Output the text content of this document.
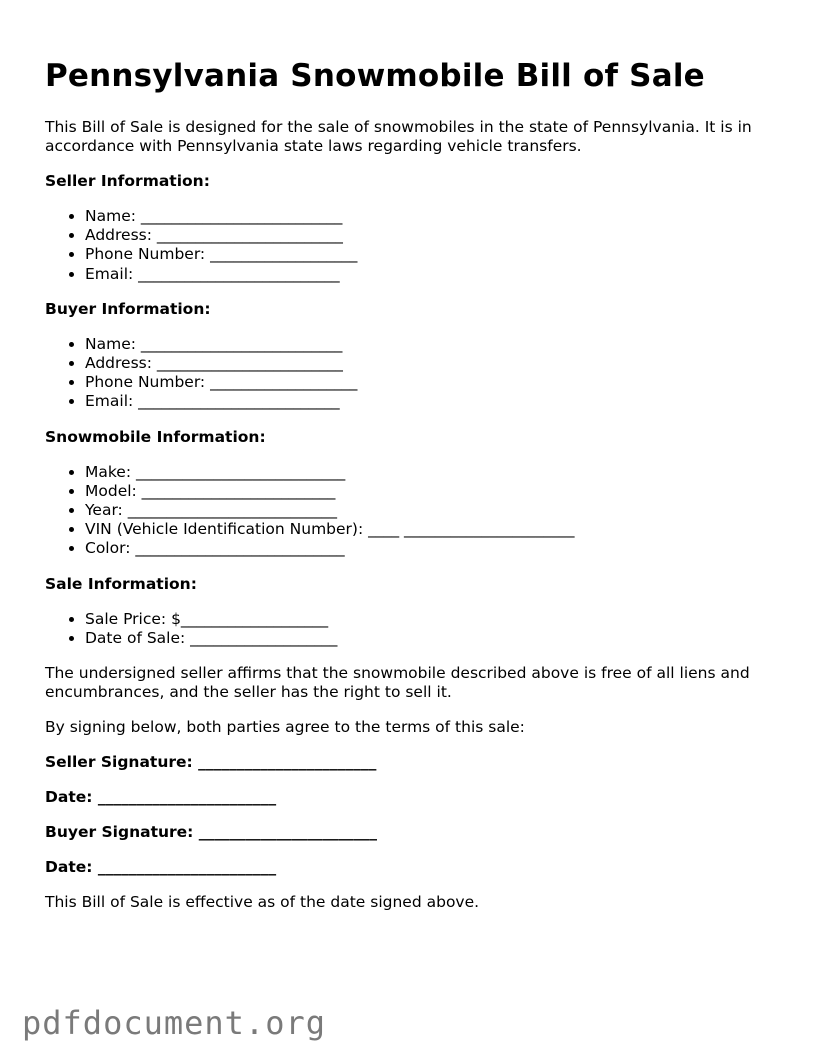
Pennsylvania Snowmobile Bill of Sale

This Bill of Sale is designed for the sale of snowmobiles in the state of Pennsylvania. It is in accordance with Pennsylvania state laws regarding vehicle transfers.

Seller Information:
• Name: __________________________
• Address: ________________________
• Phone Number: ___________________
• Email: __________________________
Buyer Information:
• Name: __________________________
• Address: ________________________
• Phone Number: ___________________
• Email: __________________________
Snowmobile Information:
• Make: ___________________________
• Model: _________________________
• Year: ___________________________
• VIN (Vehicle Identification Number): ____ ______________________
• Color: ___________________________
Sale Information:
• Sale Price: $___________________
• Date of Sale: ___________________

The undersigned seller affirms that the snowmobile described above is free of all liens and encumbrances, and the seller has the right to sell it.

By signing below, both parties agree to the terms of this sale:

Seller Signature: _______________________

Date: _______________________

Buyer Signature: _______________________

Date: _______________________

This Bill of Sale is effective as of the date signed above.

pdfdocument.org
